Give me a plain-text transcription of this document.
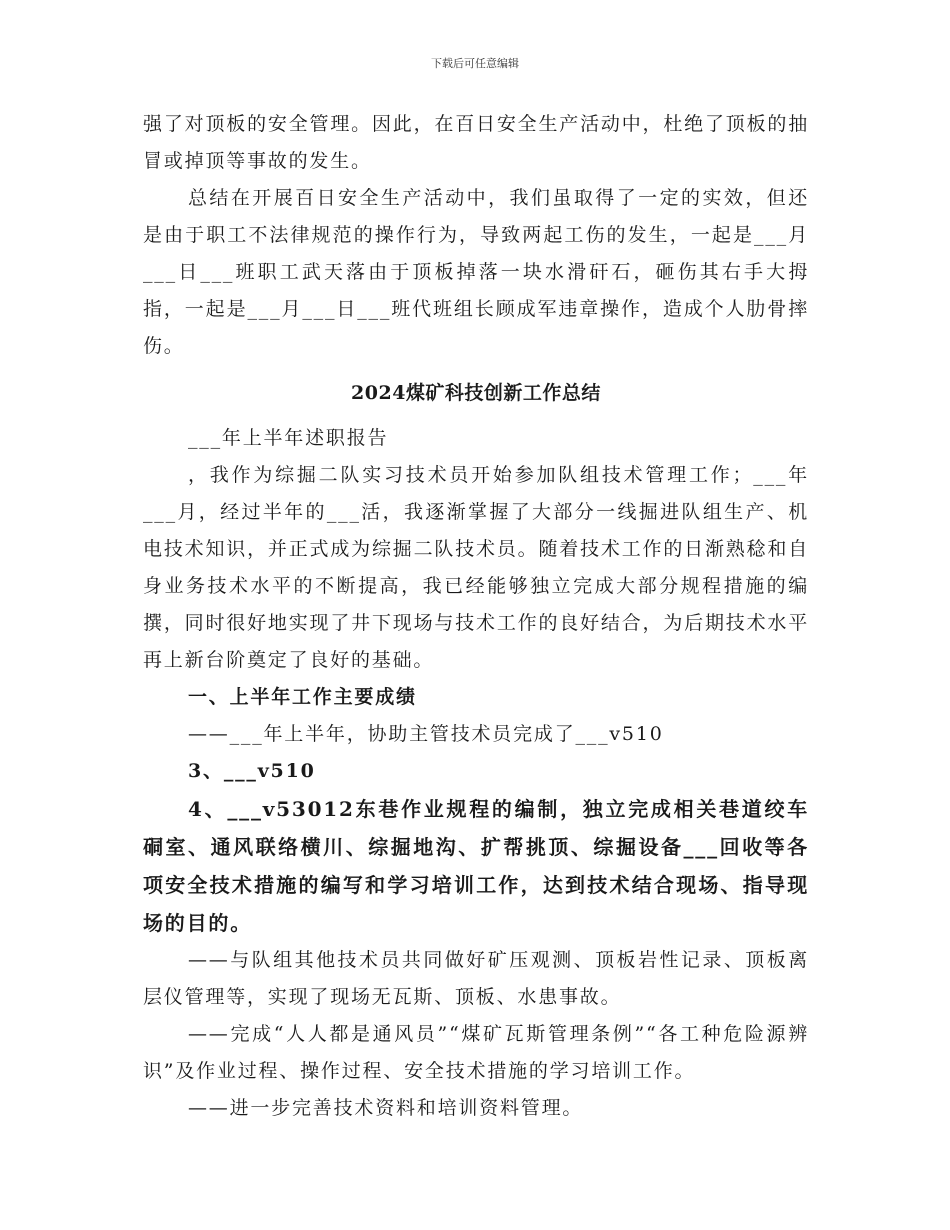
下载后可任意编辑

强了对顶板的安全管理。因此，在百日安全生产活动中，杜绝了顶板的抽冒或掉顶等事故的发生。

总结在开展百日安全生产活动中，我们虽取得了一定的实效，但还是由于职工不法律规范的操作行为，导致两起工伤的发生，一起是___月___日___班职工武天落由于顶板掉落一块水滑矸石，砸伤其右手大拇指，一起是___月___日___班代班组长顾成军违章操作，造成个人肋骨摔伤。

2024煤矿科技创新工作总结

___年上半年述职报告

，我作为综掘二队实习技术员开始参加队组技术管理工作；___年___月，经过半年的___活，我逐渐掌握了大部分一线掘进队组生产、机电技术知识，并正式成为综掘二队技术员。随着技术工作的日渐熟稔和自身业务技术水平的不断提高，我已经能够独立完成大部分规程措施的编撰，同时很好地实现了井下现场与技术工作的良好结合，为后期技术水平再上新台阶奠定了良好的基础。

一、上半年工作主要成绩

——___年上半年，协助主管技术员完成了___v510

3、___v510

4、___v53012东巷作业规程的编制，独立完成相关巷道绞车硐室、通风联络横川、综掘地沟、扩帮挑顶、综掘设备___回收等各项安全技术措施的编写和学习培训工作，达到技术结合现场、指导现场的目的。

——与队组其他技术员共同做好矿压观测、顶板岩性记录、顶板离层仪管理等，实现了现场无瓦斯、顶板、水患事故。

——完成“人人都是通风员”“煤矿瓦斯管理条例”“各工种危险源辨识”及作业过程、操作过程、安全技术措施的学习培训工作。

——进一步完善技术资料和培训资料管理。
